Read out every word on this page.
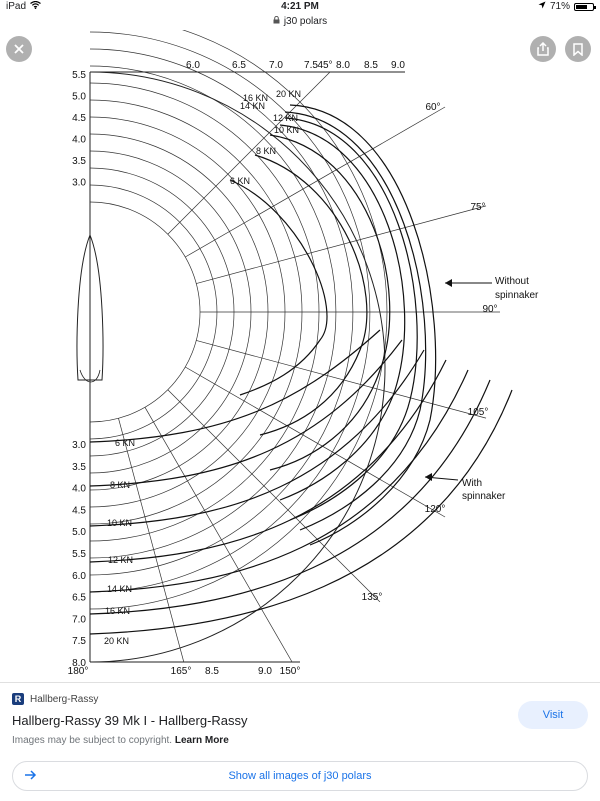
iPad	4:21 PM	71%
j30 polars
6.0	6.5 7.0 7.5 8.0 8.5 9.0
45°
5.5
5.0
4.5
4.0
3.5
3.0
3.0
3.5
4.0
4.5
5.0
5.5
6.0
6.5
7.0
7.5
8.0
180°	165° 8.5	9.0 150°
60°
75°
90°
105°
120°
135°
20 KN
16 KN
14 KN
12 KN
10 KN
8 KN
6 KN
6 KN
8 KN
10 KN
12 KN
14 KN
16 KN
20 KN
Without
spinnaker
With
spinnaker
R Hallberg-Rassy
Hallberg-Rassy 39 Mk I - Hallberg-Rassy
Images may be subject to copyright. Learn More
Visit
Show all images of j30 polars
